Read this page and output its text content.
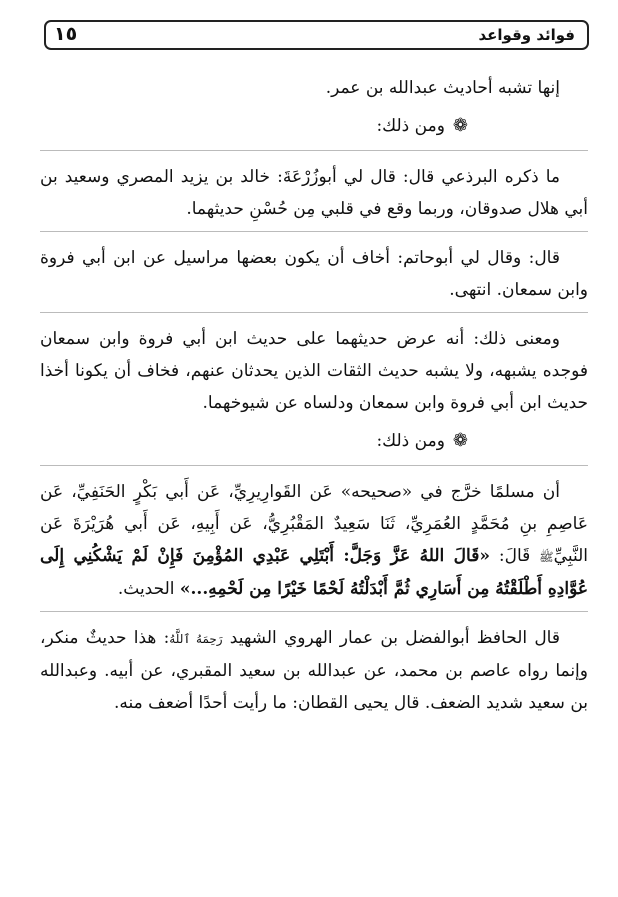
فوائد وقواعد
١٥

إنها تشبه أحاديث عبدالله بن عمر.

❁
ومن ذلك:

ما ذكره البرذعي قال: قال لي أبوزُرْعَةَ: خالد بن يزيد المصري وسعيد بن أبي هلال صدوقان، وربما وقع في قلبي مِن حُسْنِ حديثهما.

قال: وقال لي أبوحاتم: أخاف أن يكون بعضها مراسيل عن ابن أبي فروة وابن سمعان. انتهى.

ومعنى ذلك: أنه عرض حديثهما على حديث ابن أبي فروة وابن سمعان فوجده يشبهه، ولا يشبه حديث الثقات الذين يحدثان عنهم، فخاف أن يكونا أخذا حديث ابن أبي فروة وابن سمعان ودلساه عن شيوخهما.

❁
ومن ذلك:

أن مسلمًا خرَّج في «صحيحه» عَن القَوارِيرِيِّ، عَن أَبي بَكْرٍ الحَنَفِيِّ، عَن عَاصِمِ بنِ مُحَمَّدٍ العُمَرِيِّ، ثَنَا سَعِيدٌ المَقْبُرِيُّ، عَن أَبِيهِ، عَن أَبي هُرَيْرَةَ عَن النَّبِيِّﷺ قَالَ: «قَالَ اللهُ عَزَّ وَجَلَّ: أَبْتَلِي عَبْدِي المُؤْمِنَ فَإِنْ لَمْ يَشْكُنِي إِلَى عُوَّادِهِ أَطْلَقْتُهُ مِن أَسَارِي ثُمَّ أَبْدَلْتُهُ لَحْمًا خَيْرًا مِن لَحْمِهِ...» الحديث.

قال الحافظ أبوالفضل بن عمار الهروي الشهيد رَحِمَهُ ٱللَّهُ: هذا حديثٌ منكر، وإنما رواه عاصم بن محمد، عن عبدالله بن سعيد المقبري، عن أبيه. وعبدالله بن سعيد شديد الضعف. قال يحيى القطان: ما رأيت أحدًا أضعف منه.
